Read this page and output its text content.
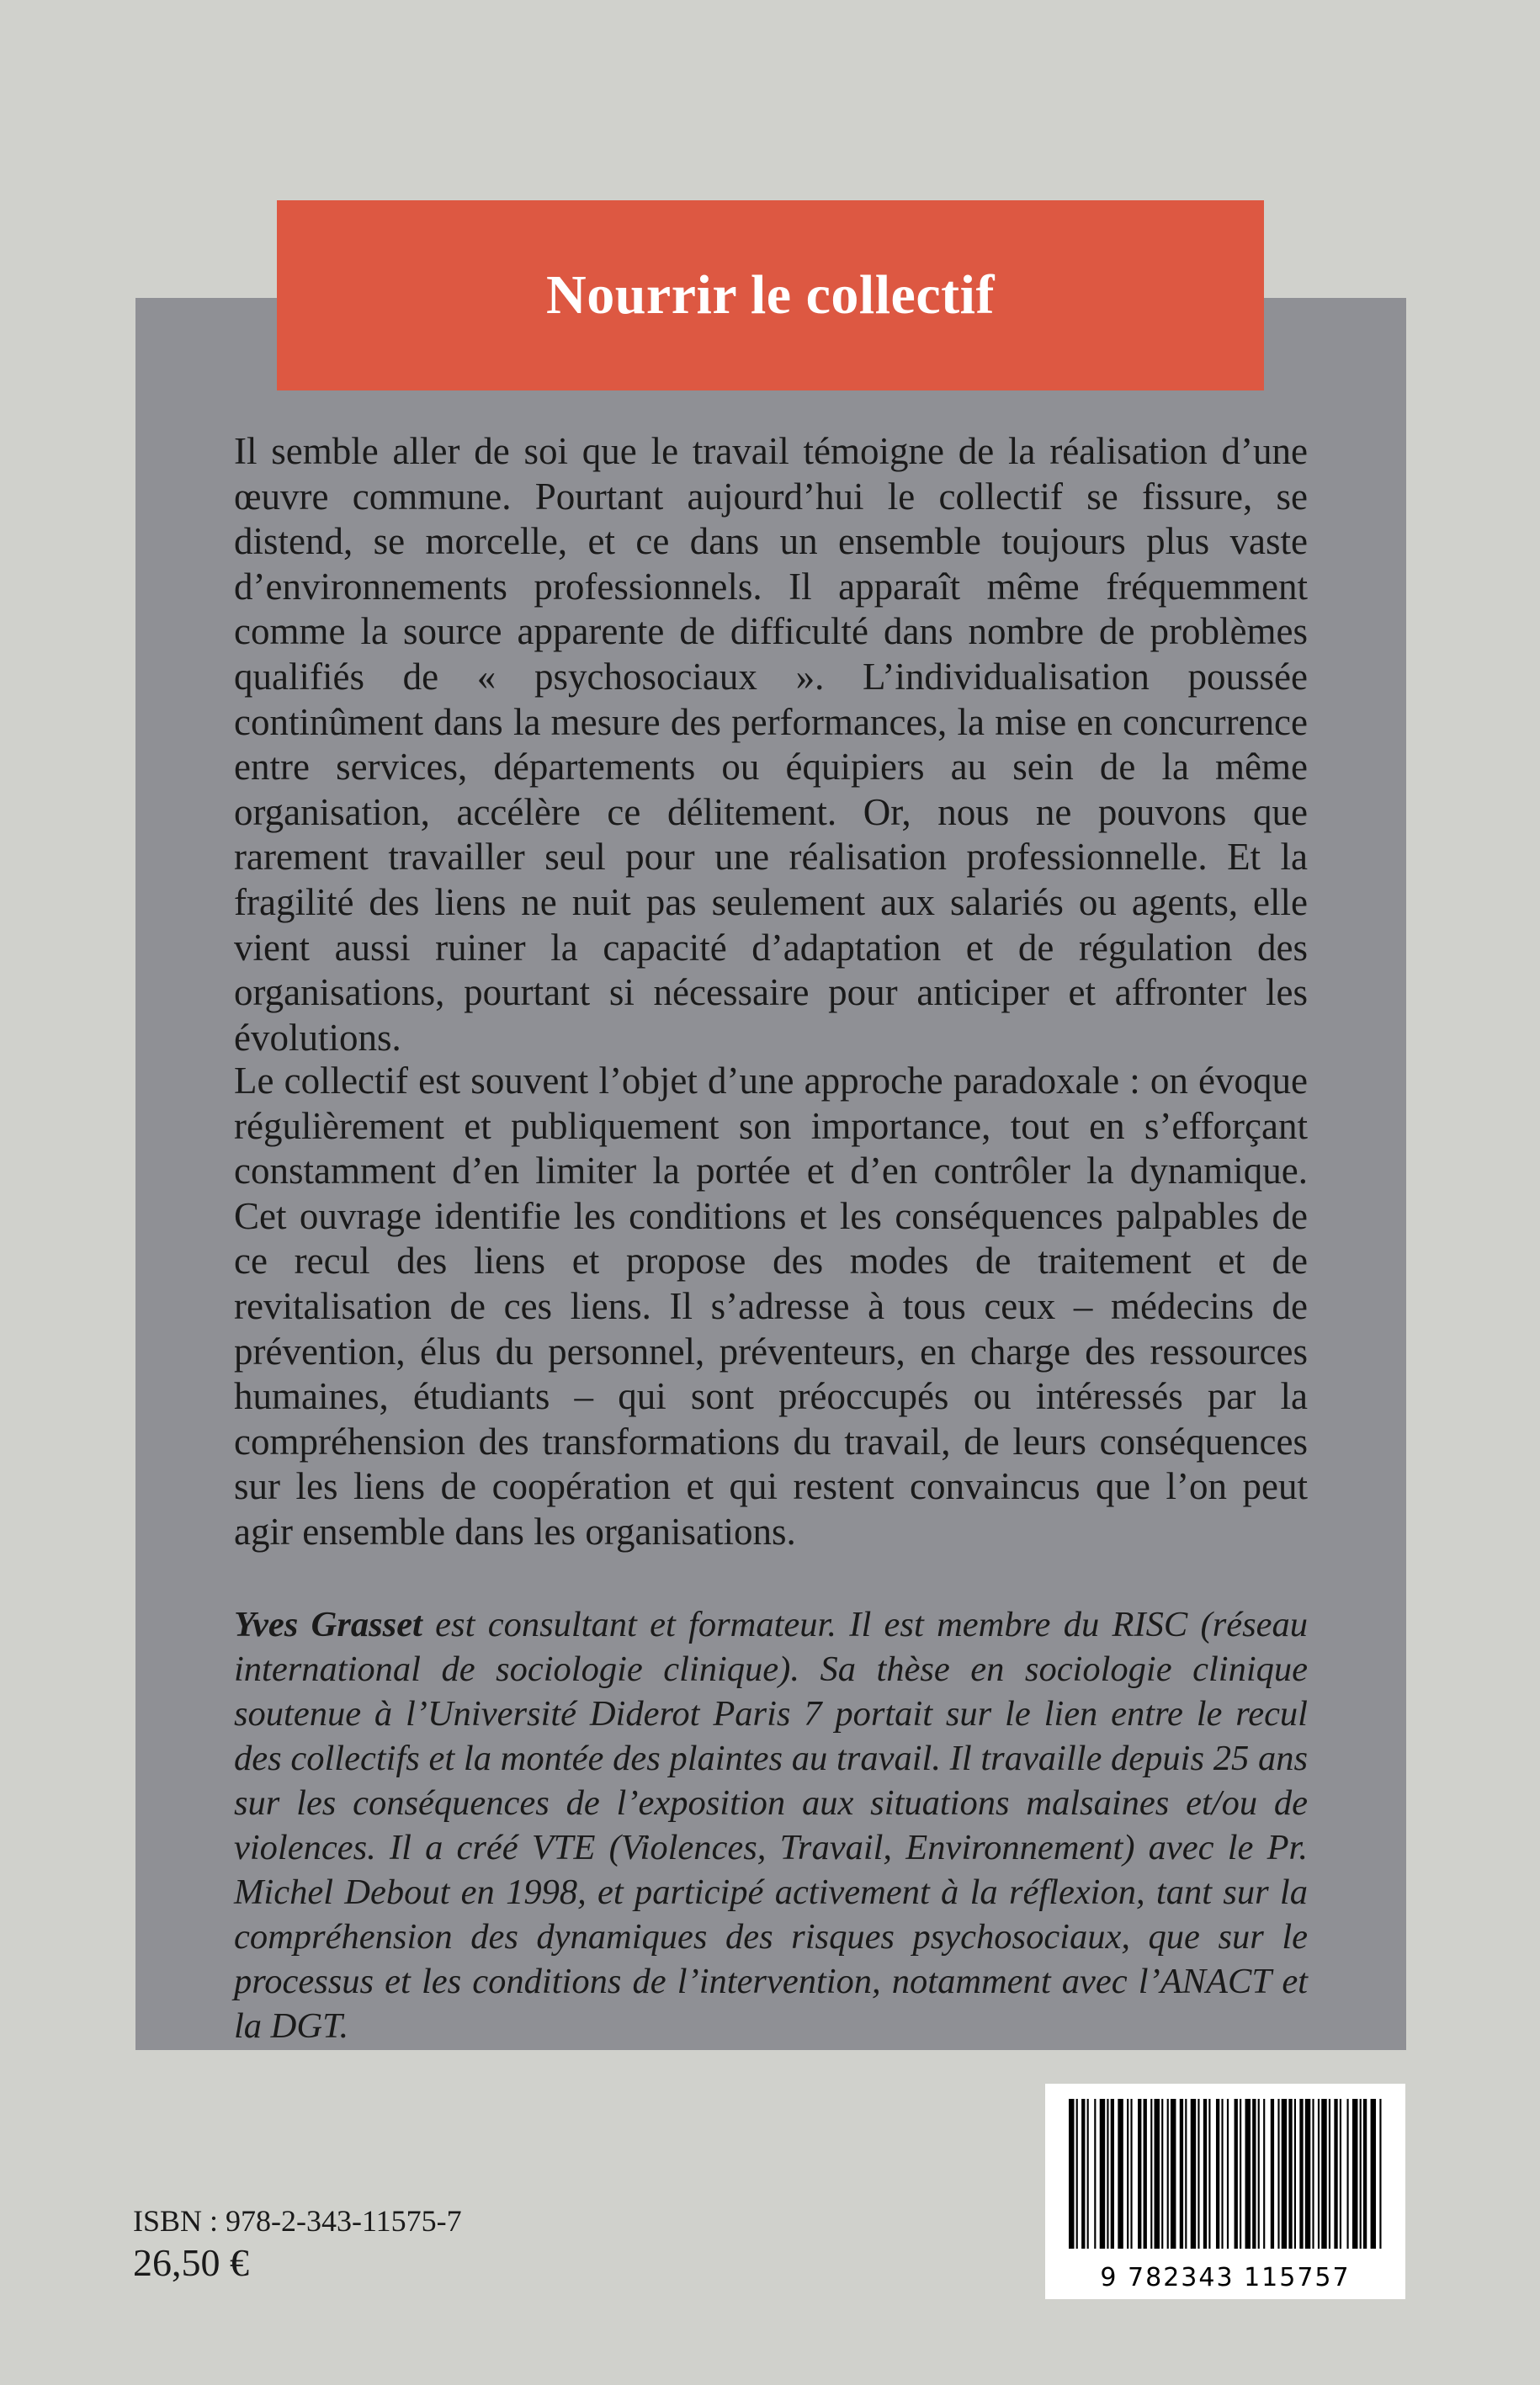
Nourrir le collectif

Il semble aller de soi que le travail témoigne de la réalisation d’une œuvre commune. Pourtant aujourd’hui le collectif se fissure, se distend, se morcelle, et ce dans un ensemble toujours plus vaste d’environnements professionnels. Il apparaît même fréquemment comme la source apparente de difficulté dans nombre de problèmes qualifiés de « psychosociaux ». L’individualisation poussée continûment dans la mesure des performances, la mise en concurrence entre services, départements ou équipiers au sein de la même organisation, accélère ce délitement. Or, nous ne pouvons que rarement travailler seul pour une réalisation professionnelle. Et la fragilité des liens ne nuit pas seulement aux salariés ou agents, elle vient aussi ruiner la capacité d’adaptation et de régulation des organisations, pourtant si nécessaire pour anticiper et affronter les évolutions.

Le collectif est souvent l’objet d’une approche paradoxale : on évoque régulièrement et publiquement son importance, tout en s’efforçant constamment d’en limiter la portée et d’en contrôler la dynamique. Cet ouvrage identifie les conditions et les conséquences palpables de ce recul des liens et propose des modes de traitement et de revitalisation de ces liens. Il s’adresse à tous ceux – médecins de prévention, élus du personnel, préventeurs, en charge des ressources humaines, étudiants – qui sont préoccupés ou intéressés par la compréhension des transformations du travail, de leurs conséquences sur les liens de coopération et qui restent convaincus que l’on peut agir ensemble dans les organisations.

Yves Grasset est consultant et formateur. Il est membre du RISC (réseau international de sociologie clinique). Sa thèse en sociologie clinique soutenue à l’Université Diderot Paris 7 portait sur le lien entre le recul des collectifs et la montée des plaintes au travail. Il travaille depuis 25 ans sur les conséquences de l’exposition aux situations malsaines et/ou de violences. Il a créé VTE (Violences, Travail, Environnement) avec le Pr. Michel Debout en 1998, et participé activement à la réflexion, tant sur la compréhension des dynamiques des risques psychosociaux, que sur le processus et les conditions de l’intervention, notamment avec l’ANACT et la DGT.

9 782343 115757

ISBN : 978-2-343-11575-7

26,50 €
